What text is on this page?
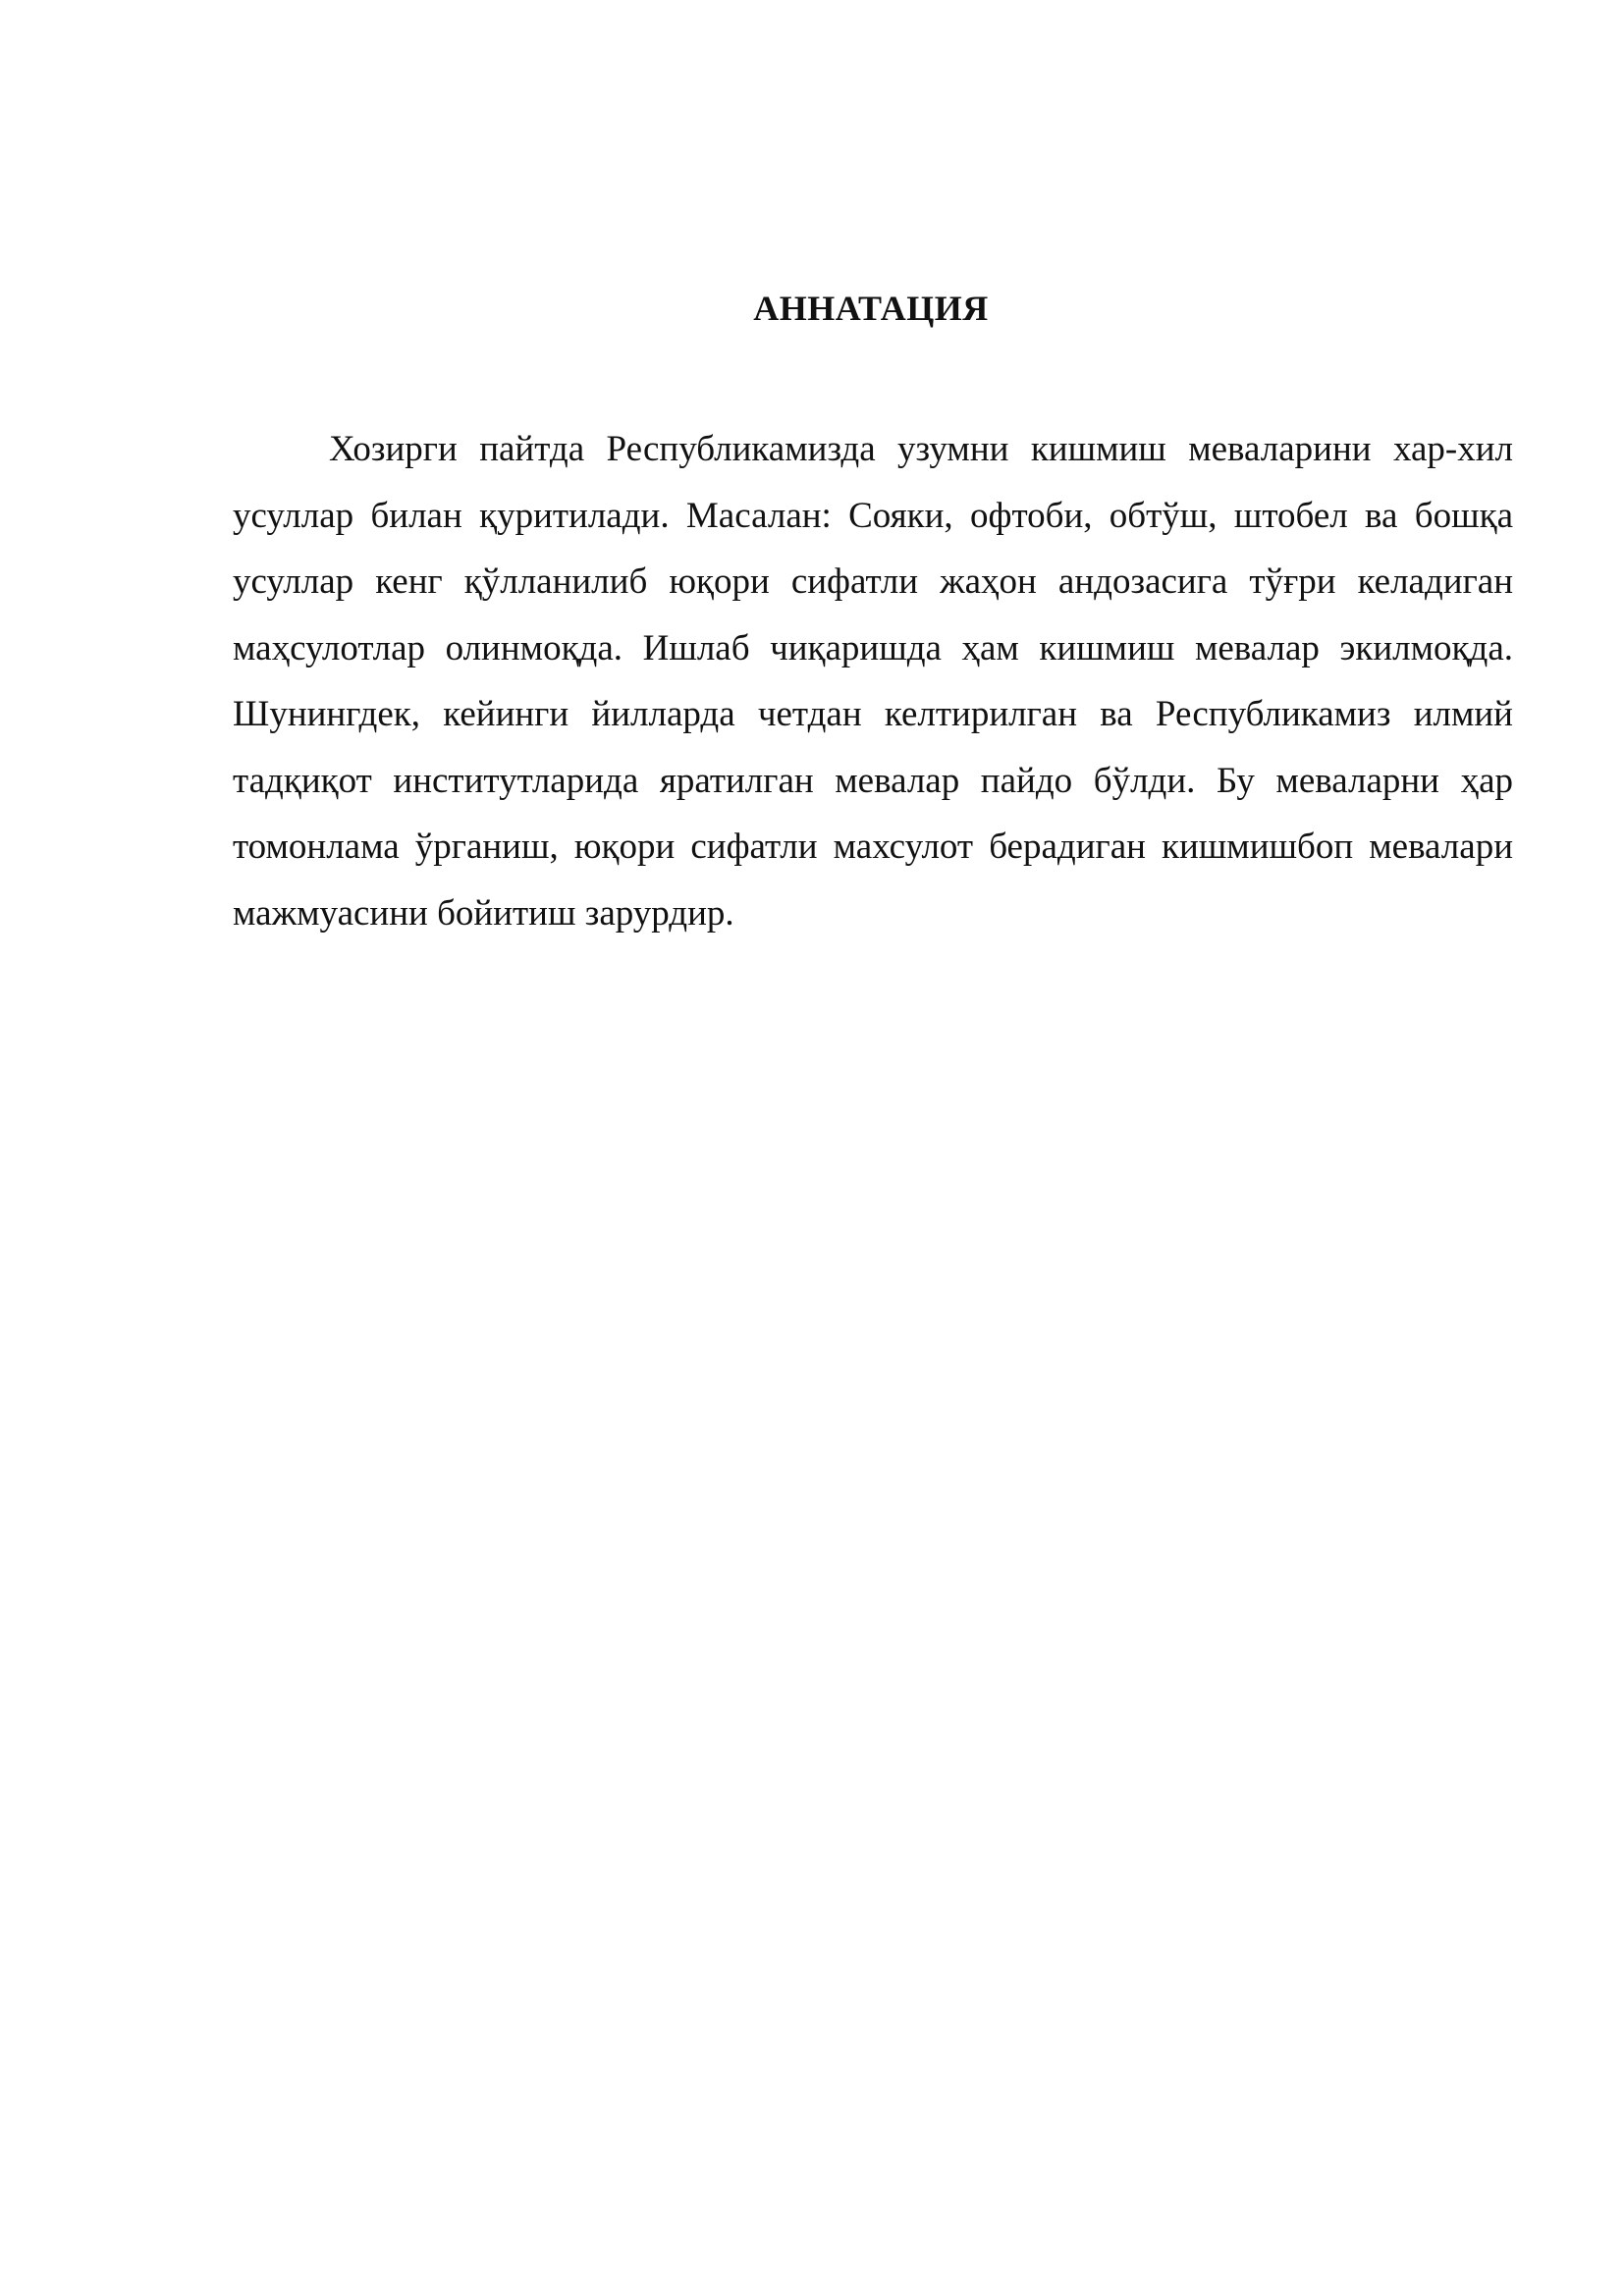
АННАТАЦИЯ

Хозирги пайтда Республикамизда узумни кишмиш меваларини хар-хил усуллар билан қуритилади. Масалан: Сояки, офтоби, обтўш, штобел ва бошқа усуллар кенг қўлланилиб юқори сифатли жаҳон андозасига тўғри келадиган маҳсулотлар олинмоқда. Ишлаб чиқаришда ҳам кишмиш мевалар экилмоқда. Шунингдек, кейинги йилларда четдан келтирилган ва Республикамиз илмий тадқиқот институтларида яратилган мевалар пайдо бўлди. Бу меваларни ҳар томонлама ўрганиш, юқори сифатли махсулот берадиган кишмишбоп мевалари мажмуасини бойитиш зарурдир.
